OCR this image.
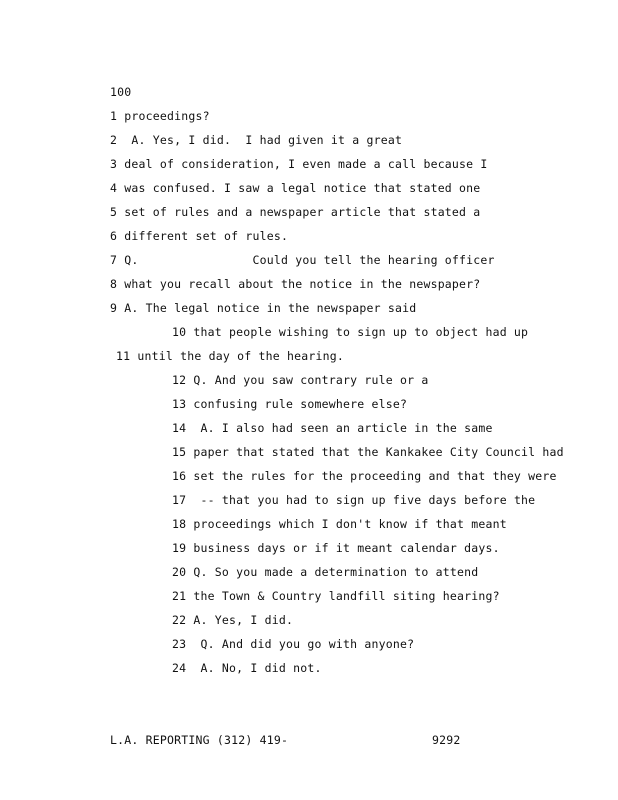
100
1 proceedings?
2 A. Yes, I did.  I had given it a great
3 deal of consideration, I even made a call because I
4 was confused. I saw a legal notice that stated one
5 set of rules and a newspaper article that stated a
6 different set of rules.
7 Q.                Could you tell the hearing officer
8 what you recall about the notice in the newspaper?
9 A. The legal notice in the newspaper said
10 that people wishing to sign up to object had up
11 until the day of the hearing.
12 Q. And you saw contrary rule or a
13 confusing rule somewhere else?
14 A. I also had seen an article in the same
15 paper that stated that the Kankakee City Council had
16 set the rules for the proceeding and that they were
17 -- that you had to sign up five days before the
18 proceedings which I don't know if that meant
19 business days or if it meant calendar days.
20 Q. So you made a determination to attend
21 the Town & Country landfill siting hearing?
22 A. Yes, I did.
23 Q. And did you go with anyone?
24 A. No, I did not.
L.A. REPORTING (312) 419-	9292
